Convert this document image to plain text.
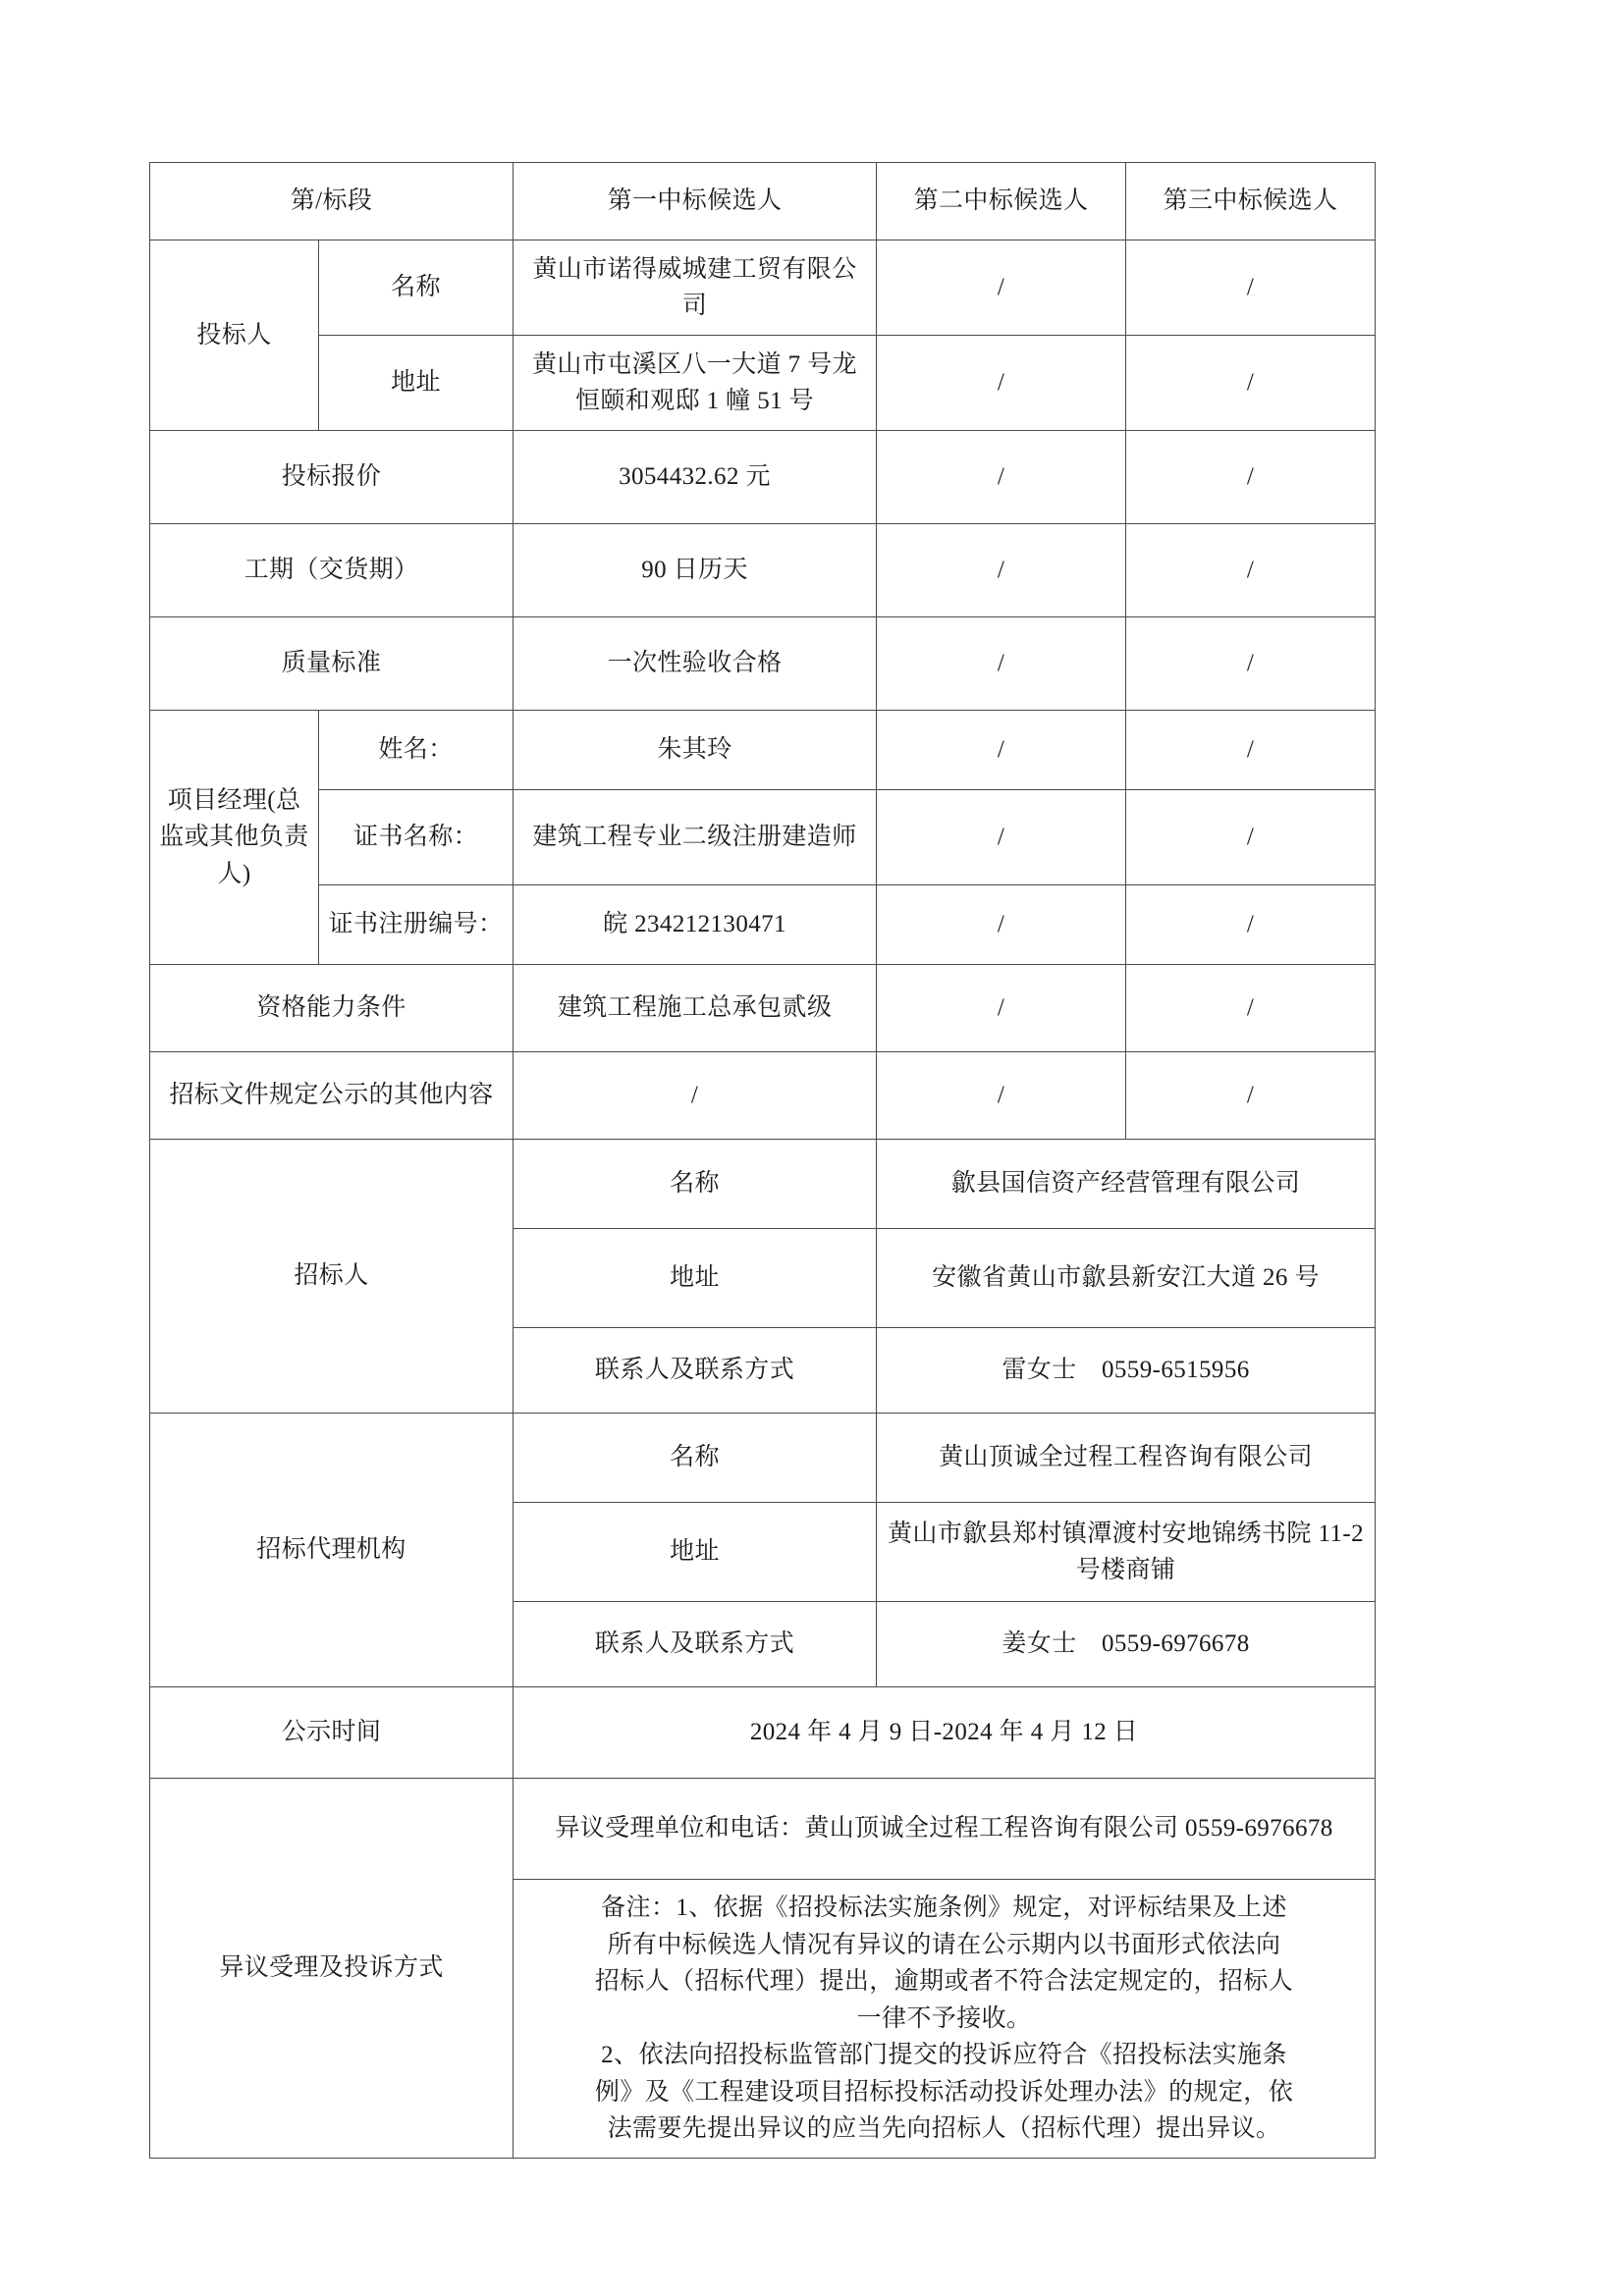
第/标段		第一中标候选人	第二中标候选人	第三中标候选人
投标人	名称	黄山市诺得威城建工贸有限公司	/	/
	地址	黄山市屯溪区八一大道 7 号龙恒颐和观邸 1 幢 51 号	/	/
投标报价		3054432.62 元	/	/
工期（交货期）		90 日历天	/	/
质量标准		一次性验收合格	/	/
项目经理(总监或其他负责人)	姓名：	朱其玲	/	/
	证书名称：	建筑工程专业二级注册建造师	/	/
	证书注册编号：	皖 234212130471	/	/
资格能力条件		建筑工程施工总承包贰级	/	/
招标文件规定公示的其他内容		/	/	/
招标人		名称	歙县国信资产经营管理有限公司	
		地址	安徽省黄山市歙县新安江大道 26 号	
		联系人及联系方式	雷女士　0559-6515956	
招标代理机构		名称	黄山顶诚全过程工程咨询有限公司	
		地址	黄山市歙县郑村镇潭渡村安地锦绣书院 11-2 号楼商铺	
		联系人及联系方式	姜女士　0559-6976678	
公示时间		2024 年 4 月 9 日-2024 年 4 月 12 日		
异议受理及投诉方式		异议受理单位和电话：黄山顶诚全过程工程咨询有限公司 0559-6976678		

备注：1、依据《招投标法实施条例》规定，对评标结果及上述
所有中标候选人情况有异议的请在公示期内以书面形式依法向
招标人（招标代理）提出，逾期或者不符合法定规定的，招标人
一律不予接收。
2、依法向招投标监管部门提交的投诉应符合《招投标法实施条
例》及《工程建设项目招标投标活动投诉处理办法》的规定，依
法需要先提出异议的应当先向招标人（招标代理）提出异议。
